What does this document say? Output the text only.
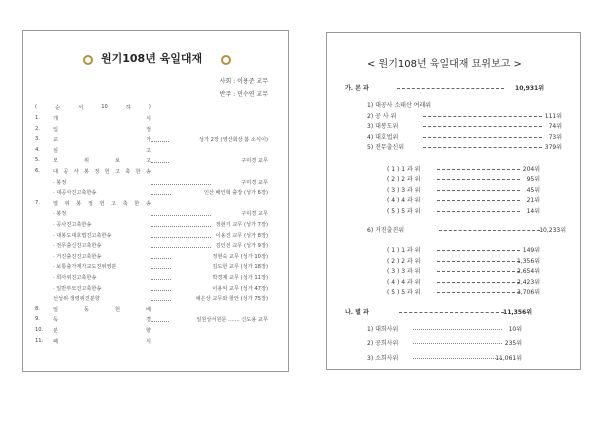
원기108년 육일대재
사회 : 이용준 교무
반주 : 민수연 교무
(	순	서	10	하	)
1.	개	식
2.	입	정
3.	교	가	성가 2장 (영산회상 봄 소식이)
4.	심	고
5.	모	위	보	고	구미경 교무
6.	대 공 사 봉 정 헌 고 축 한 송
· 봉정	구미경 교무
· 대공사진고축한송	인산 배인혁 출장 (성가 6장)
7.	열 위 봉 정 헌 고 축 한 송
· 봉정	구미경 교무
· 공사진고축한송	정현기 교무 (성가 7장)
· 대봉도대호법진고축한송	이용진 교무 (성가 8장)
· 전무출신진고축한송	김인선 교무 (성가 9장)
· 거진출진진고축한송	정현숙 교무 (성가 10장)
· 보통출가재가교도진위영분	김도헌 교무 (성가 18장)
· 희사위진고축한송	박경제 교무 (성가 11장)
· 일반부모진고축한송	이용익 교무 (성가 47장)
선성위·생령위진분향	예은상 교무와 항안 (성가 75장)
8.	일	동	헌	배
9.	독	경	일원상서원문 ....... 신도용 교무
10. 분	향
11. 폐	식
< 원기108년 육일대재 묘위보고 >
가. 본 과	10,931위
1) 대공사 소태산 여래위
2) 공 사 위	111위
3) 대봉도위	74위
4) 대호법위	73위
5) 전무출신위	379위
( 1 ) 1 과 위	204위
( 2 ) 2 과 위	95위
( 3 ) 3 과 위	45위
( 4 ) 4 과 위	21위
( 5 ) 5 과 위	14위
6) 거진출진위	10,233위
( 1 ) 1 과 위	149위
( 2 ) 2 과 위	1,356위
( 3 ) 3 과 위	2,654위
( 4 ) 4 과 위	2,423위
( 5 ) 5 과 위	3,706위
나. 별 과	11,356위
1) 대희사위	10위
2) 공희사위	235위
3) 소희사위	11,061위
